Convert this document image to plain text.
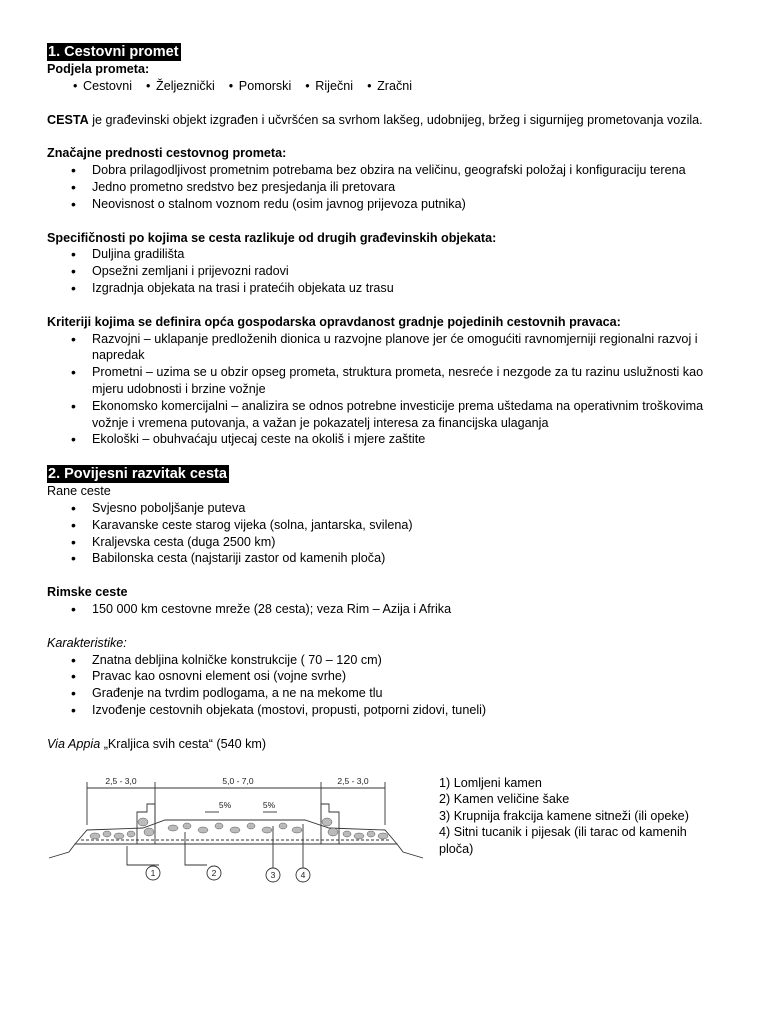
1. Cestovni promet
Podjela prometa:
• Cestovni	• Željeznički	• Pomorski	• Riječni	• Zračni
CESTA je građevinski objekt izgrađen i učvršćen sa svrhom lakšeg, udobnijeg, bržeg i sigurnijeg prometovanja vozila.
Značajne prednosti cestovnog prometa:
• Dobra prilagodljivost prometnim potrebama bez obzira na veličinu, geografski položaj i konfiguraciju terena
• Jedno prometno sredstvo bez presjedanja ili pretovara
• Neovisnost o stalnom voznom redu (osim javnog prijevoza putnika)
Specifičnosti po kojima se cesta razlikuje od drugih građevinskih objekata:
• Duljina gradilišta
• Opsežni zemljani i prijevozni radovi
• Izgradnja objekata na trasi i pratećih objekata uz trasu
Kriteriji kojima se definira opća gospodarska opravdanost gradnje pojedinih cestovnih pravaca:
• Razvojni – uklapanje predloženih dionica u razvojne planove jer će omogućiti ravnomjerniji regionalni razvoj i napredak
• Prometni – uzima se u obzir opseg prometa, struktura prometa, nesreće i nezgode za tu razinu uslužnosti kao mjeru udobnosti i brzine vožnje
• Ekonomsko komercijalni – analizira se odnos potrebne investicije prema uštedama na operativnim troškovima vožnje i vremena putovanja, a važan je pokazatelj interesa za financijska ulaganja
• Ekološki – obuhvaćaju utjecaj ceste na okoliš i mjere zaštite
2. Povijesni razvitak cesta
Rane ceste
• Svjesno poboljšanje puteva
• Karavanske ceste starog vijeka (solna, jantarska, svilena)
• Kraljevska cesta (duga 2500 km)
• Babilonska cesta (najstariji zastor od kamenih ploča)
Rimske ceste
• 150 000 km cestovne mreže (28 cesta); veza Rim – Azija i Afrika
Karakteristike:
• Znatna debljina kolničke konstrukcije ( 70 – 120 cm)
• Pravac kao osnovni element osi (vojne svrhe)
• Građenje na tvrdim podlogama, a ne na mekome tlu
• Izvođenje cestovnih objekata (mostovi, propusti, potporni zidovi, tuneli)
Via Appia „Kraljica svih cesta“ (540 km)
2,5 - 3,0	5,0 - 7,0	2,5 - 3,0
5%	5%
1	2	3	4
1) Lomljeni kamen
2) Kamen veličine šake
3) Krupnija frakcija kamene sitneži (ili opeke)
4) Sitni tucanik i pijesak (ili tarac od kamenih
ploča)
